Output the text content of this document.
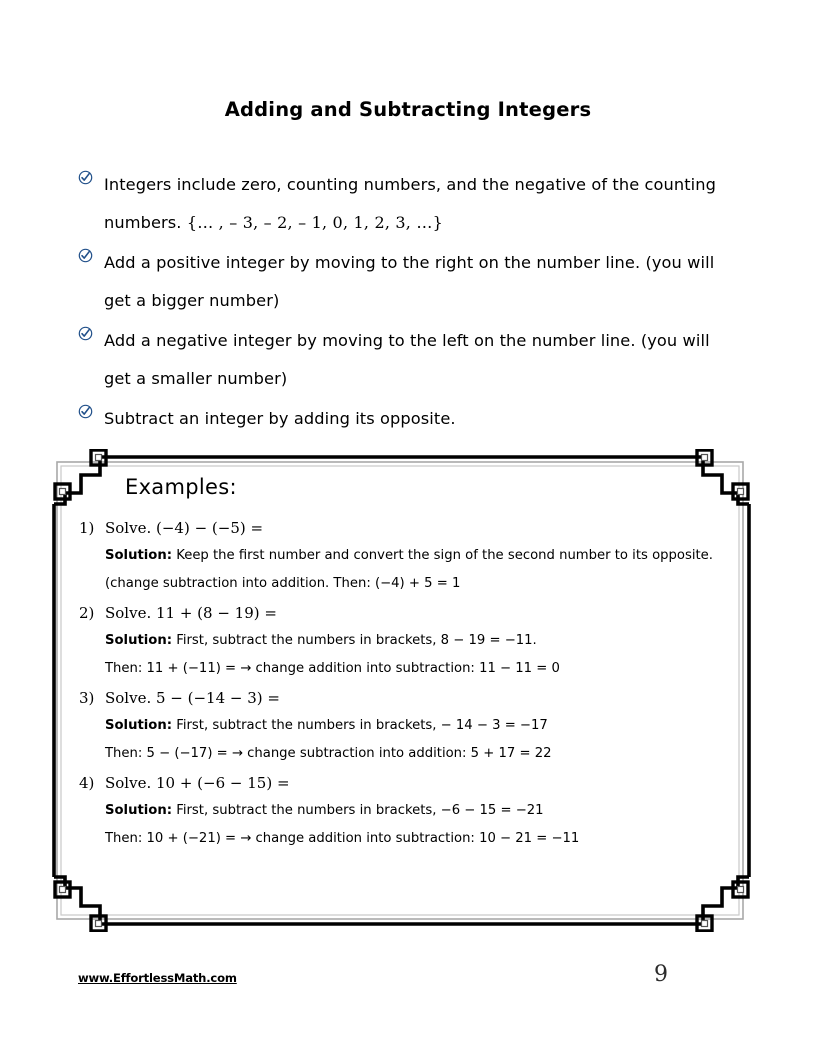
Adding and Subtracting Integers
Integers include zero, counting numbers, and the negative of the counting numbers. {… , – 3, – 2, – 1, 0, 1, 2, 3, …}
Add a positive integer by moving to the right on the number line. (you will get a bigger number)
Add a negative integer by moving to the left on the number line. (you will get a smaller number)
Subtract an integer by adding its opposite.
Examples:
1) Solve. (−4) − (−5) =
Solution: Keep the first number and convert the sign of the second number to its opposite.
(change subtraction into addition. Then: (−4) + 5 = 1
2) Solve. 11 + (8 − 19) =
Solution: First, subtract the numbers in brackets, 8 − 19 = −11.
Then: 11 + (−11) = → change addition into subtraction: 11 − 11 = 0
3) Solve. 5 − (−14 − 3) =
Solution: First, subtract the numbers in brackets, − 14 − 3 = −17
Then: 5 − (−17) = → change subtraction into addition: 5 + 17 = 22
4) Solve. 10 + (−6 − 15) =
Solution: First, subtract the numbers in brackets, −6 − 15 = −21
Then: 10 + (−21) = → change addition into subtraction: 10 − 21 = −11
www.EffortlessMath.com	9
